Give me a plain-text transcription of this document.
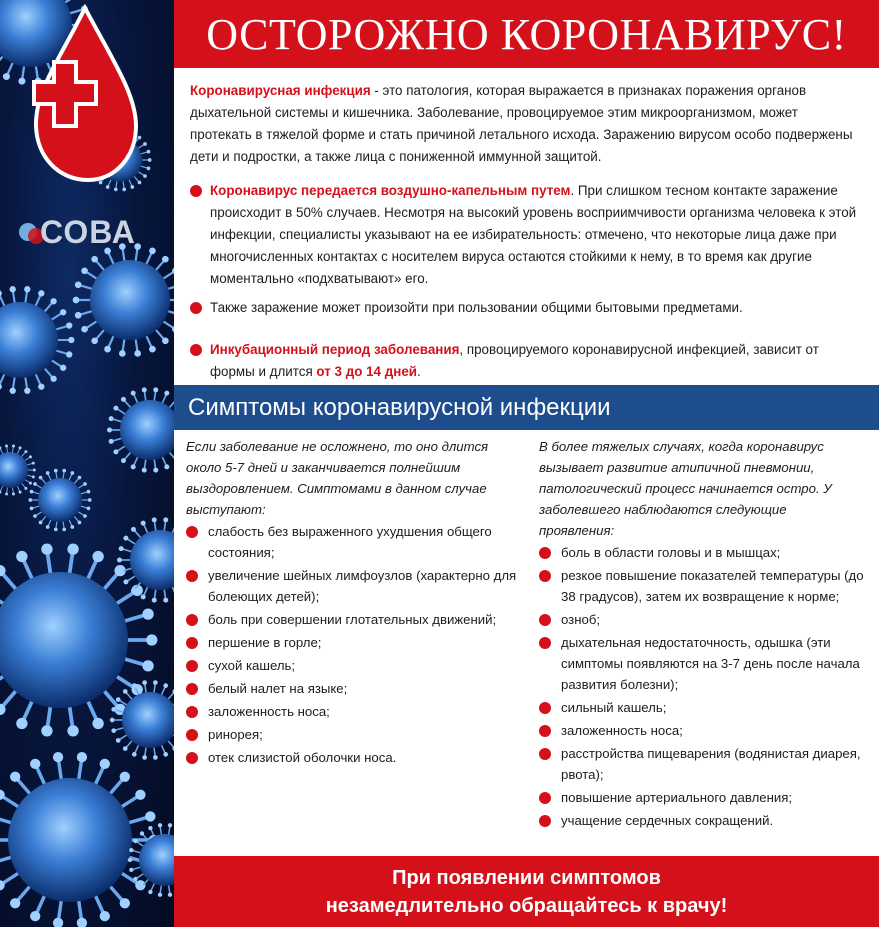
СОВА
ОСТОРОЖНО КОРОНАВИРУС!
Коронавирусная инфекция - это патология, которая выражается в признаках поражения органов дыхательной системы и кишечника. Заболевание, провоцируемое этим микроорганизмом, может протекать в тяжелой форме и стать причиной летального исхода. Заражению вирусом особо подвержены дети и подростки, а также лица с пониженной иммунной защитой.
Коронавирус передается воздушно-капельным путем. При слишком тесном контакте заражение происходит в 50% случаев. Несмотря на высокий уровень восприимчивости организма человека к этой инфекции, специалисты указывают на ее избирательность: отмечено, что некоторые лица даже при многочисленных контактах с носителем вируса остаются стойкими к нему, в то время как другие моментально «подхватывают» его.
Также заражение может произойти при пользовании общими бытовыми предметами.
Инкубационный период заболевания, провоцируемого коронавирусной инфекцией, зависит от формы и длится от 3 до 14 дней.
Симптомы коронавирусной инфекции
Если заболевание не осложнено, то оно длится около 5-7 дней и заканчивается полнейшим выздоровлением. Симптомами в данном случае выступают:
слабость без выраженного ухудшения общего состояния;
увеличение шейных лимфоузлов (характерно для болеющих детей);
боль при совершении глотательных движений;
першение в горле;
сухой кашель;
белый налет на языке;
заложенность носа;
ринорея;
отек слизистой оболочки носа.
В более тяжелых случаях, когда коронавирус вызывает развитие атипичной пневмонии, патологический процесс начинается остро. У заболевшего наблюдаются следующие проявления:
боль в области головы и в мышцах;
резкое повышение показателей температуры (до 38 градусов), затем их возвращение к норме;
озноб;
дыхательная недостаточность, одышка (эти симптомы появляются на 3-7 день после начала развития болезни);
сильный кашель;
заложенность носа;
расстройства пищеварения (водянистая диарея, рвота);
повышение артериального давления;
учащение сердечных сокращений.
При появлении симптомов
незамедлительно обращайтесь к врачу!
